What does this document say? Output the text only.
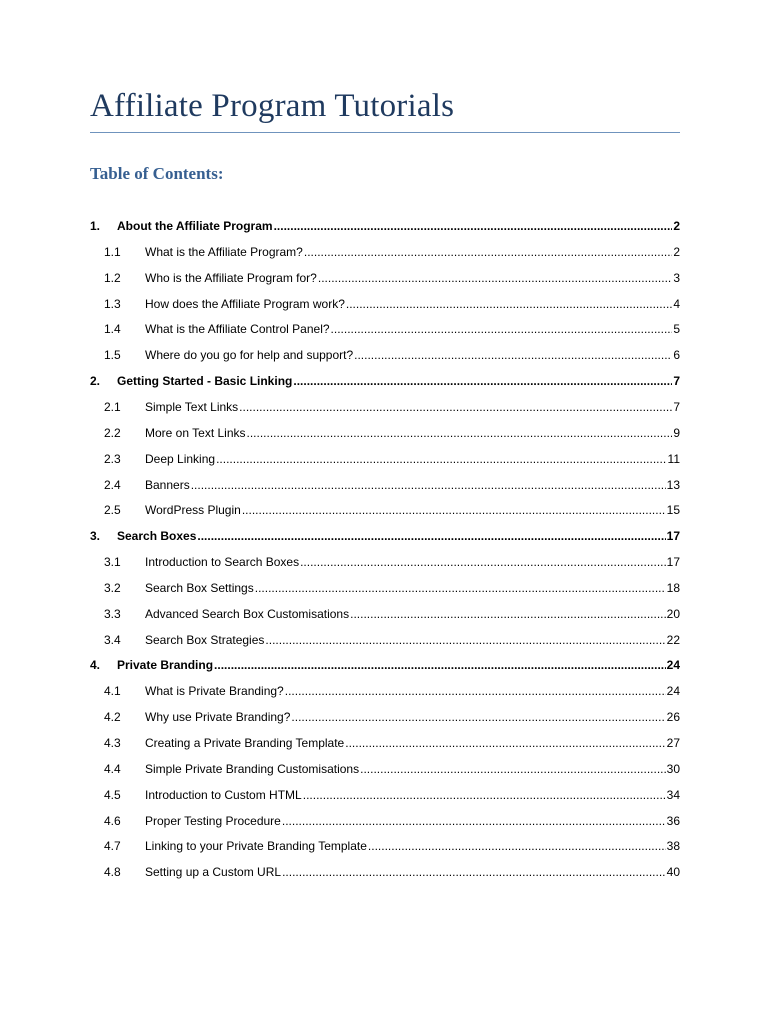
Affiliate Program Tutorials
Table of Contents:
1.	About the Affiliate Program .....	2
1.1	What is the Affiliate Program? .....	2
1.2	Who is the Affiliate Program for? .....	3
1.3	How does the Affiliate Program work? .....	4
1.4	What is the Affiliate Control Panel? .....	5
1.5	Where do you go for help and support? .....	6
2.	Getting Started - Basic Linking .....	7
2.1	Simple Text Links .....	7
2.2	More on Text Links .....	9
2.3	Deep Linking .....	11
2.4	Banners .....	13
2.5	WordPress Plugin .....	15
3.	Search Boxes .....	17
3.1	Introduction to Search Boxes .....	17
3.2	Search Box Settings .....	18
3.3	Advanced Search Box Customisations .....	20
3.4	Search Box Strategies .....	22
4.	Private Branding .....	24
4.1	What is Private Branding? .....	24
4.2	Why use Private Branding? .....	26
4.3	Creating a Private Branding Template .....	27
4.4	Simple Private Branding Customisations .....	30
4.5	Introduction to Custom HTML .....	34
4.6	Proper Testing Procedure .....	36
4.7	Linking to your Private Branding Template .....	38
4.8	Setting up a Custom URL .....	40
